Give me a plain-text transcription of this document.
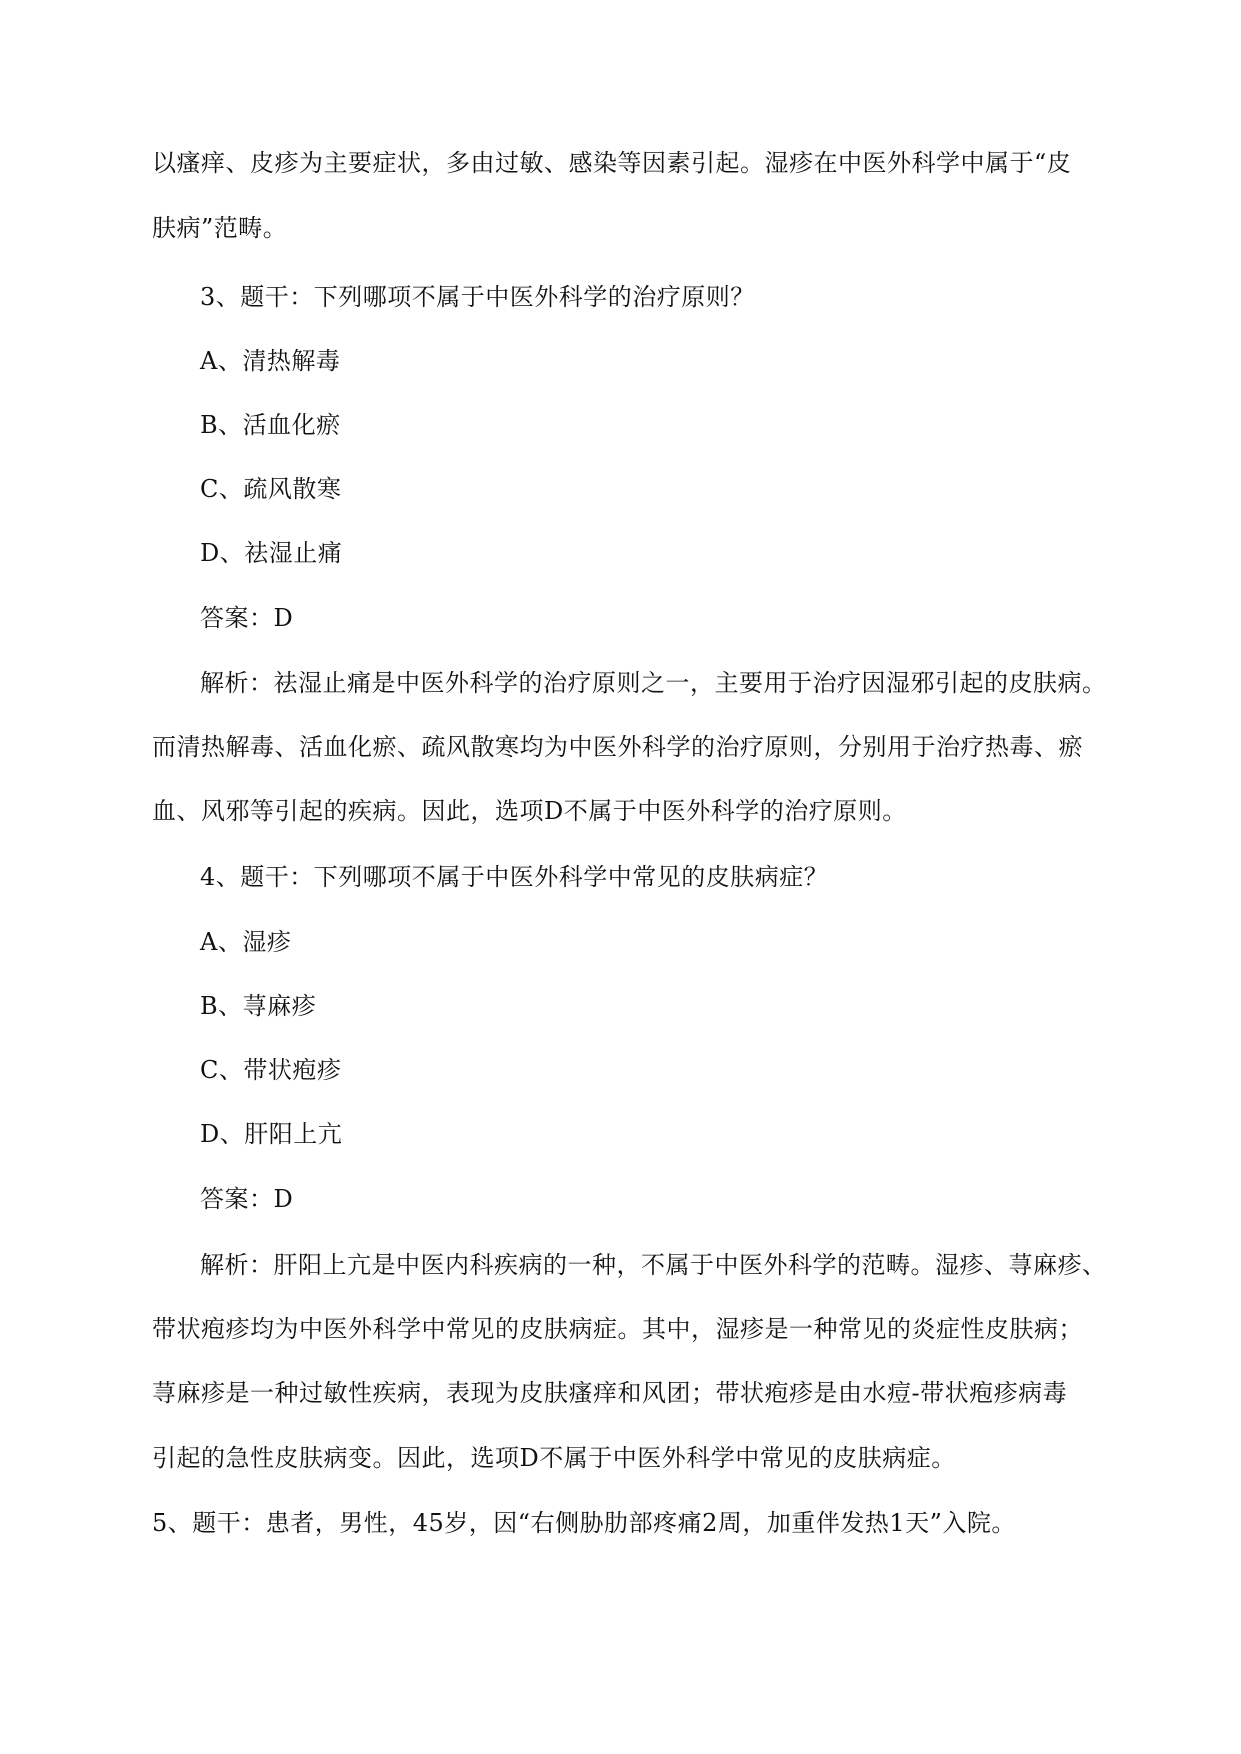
以瘙痒、皮疹为主要症状，多由过敏、感染等因素引起。湿疹在中医外科学中属于“皮
肤病”范畴。
3、题干：下列哪项不属于中医外科学的治疗原则？
A、清热解毒
B、活血化瘀
C、疏风散寒
D、祛湿止痛
答案：D
解析：祛湿止痛是中医外科学的治疗原则之一，主要用于治疗因湿邪引起的皮肤病。
而清热解毒、活血化瘀、疏风散寒均为中医外科学的治疗原则，分别用于治疗热毒、瘀
血、风邪等引起的疾病。因此，选项D不属于中医外科学的治疗原则。
4、题干：下列哪项不属于中医外科学中常见的皮肤病症？
A、湿疹
B、荨麻疹
C、带状疱疹
D、肝阳上亢
答案：D
解析：肝阳上亢是中医内科疾病的一种，不属于中医外科学的范畴。湿疹、荨麻疹、
带状疱疹均为中医外科学中常见的皮肤病症。其中，湿疹是一种常见的炎症性皮肤病；
荨麻疹是一种过敏性疾病，表现为皮肤瘙痒和风团；带状疱疹是由水痘-带状疱疹病毒
引起的急性皮肤病变。因此，选项D不属于中医外科学中常见的皮肤病症。
5、题干：患者，男性，45岁，因“右侧胁肋部疼痛2周，加重伴发热1天”入院。
